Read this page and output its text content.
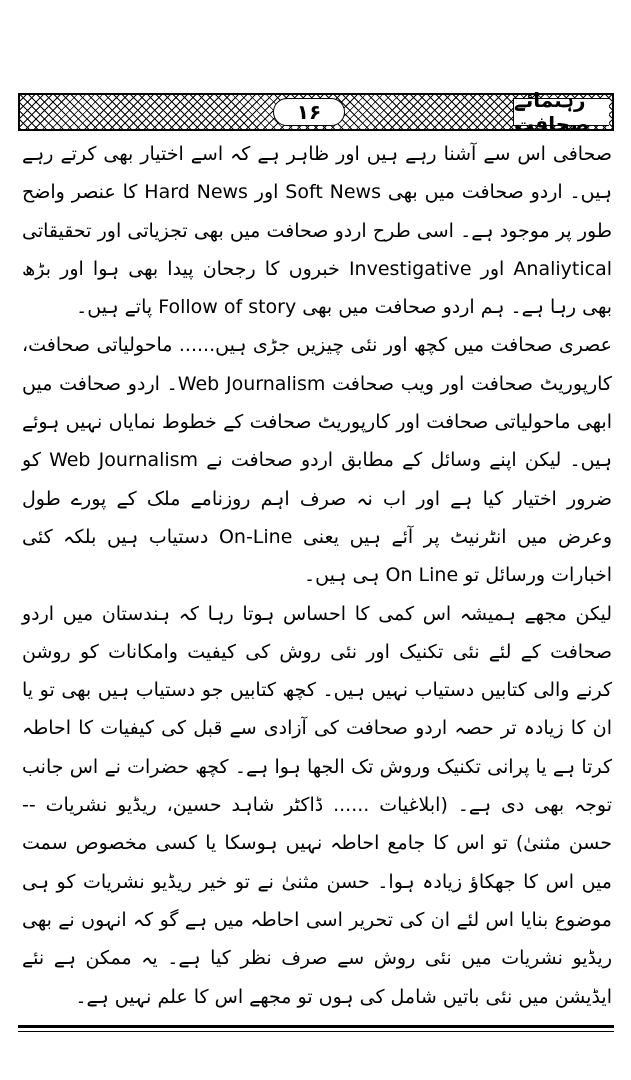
رہنمائے صحافت
۱۶

صحافی اس سے آشنا رہے ہیں اور ظاہر ہے کہ اسے اختیار بھی کرتے رہے ہیں۔ اردو صحافت میں بھی Soft News اور Hard News کا عنصر واضح طور پر موجود ہے۔ اسی طرح اردو صحافت میں بھی تجزیاتی اور تحقیقاتی Analiytical اور Investigative خبروں کا رجحان پیدا بھی ہوا اور بڑھ بھی رہا ہے۔ ہم اردو صحافت میں بھی Follow of story پاتے ہیں۔

عصری صحافت میں کچھ اور نئی چیزیں جڑی ہیں...... ماحولیاتی صحافت، کارپوریٹ صحافت اور ویب صحافت Web Journalism۔ اردو صحافت میں ابھی ماحولیاتی صحافت اور کارپوریٹ صحافت کے خطوط نمایاں نہیں ہوئے ہیں۔ لیکن اپنے وسائل کے مطابق اردو صحافت نے Web Journalism کو ضرور اختیار کیا ہے اور اب نہ صرف اہم روزنامے ملک کے پورے طول وعرض میں انٹرنیٹ پر آئے ہیں یعنی On-Line دستیاب ہیں بلکہ کئی اخبارات ورسائل تو On Line ہی ہیں۔

لیکن مجھے ہمیشہ اس کمی کا احساس ہوتا رہا کہ ہندستان میں اردو صحافت کے لئے نئی تکنیک اور نئی روش کی کیفیت وامکانات کو روشن کرنے والی کتابیں دستیاب نہیں ہیں۔ کچھ کتابیں جو دستیاب ہیں بھی تو یا ان کا زیادہ تر حصہ اردو صحافت کی آزادی سے قبل کی کیفیات کا احاطہ کرتا ہے یا پرانی تکنیک وروش تک الجھا ہوا ہے۔ کچھ حضرات نے اس جانب توجہ بھی دی ہے۔ (ابلاغیات ...... ڈاکٹر شاہد حسین، ریڈیو نشریات -- حسن مثنیٰ) تو اس کا جامع احاطہ نہیں ہوسکا یا کسی مخصوص سمت میں اس کا جھکاؤ زیادہ ہوا۔ حسن مثنیٰ نے تو خیر ریڈیو نشریات کو ہی موضوع بنایا اس لئے ان کی تحریر اسی احاطہ میں ہے گو کہ انہوں نے بھی ریڈیو نشریات میں نئی روش سے صرف نظر کیا ہے۔ یہ ممکن ہے نئے ایڈیشن میں نئی باتیں شامل کی ہوں تو مجھے اس کا علم نہیں ہے۔
